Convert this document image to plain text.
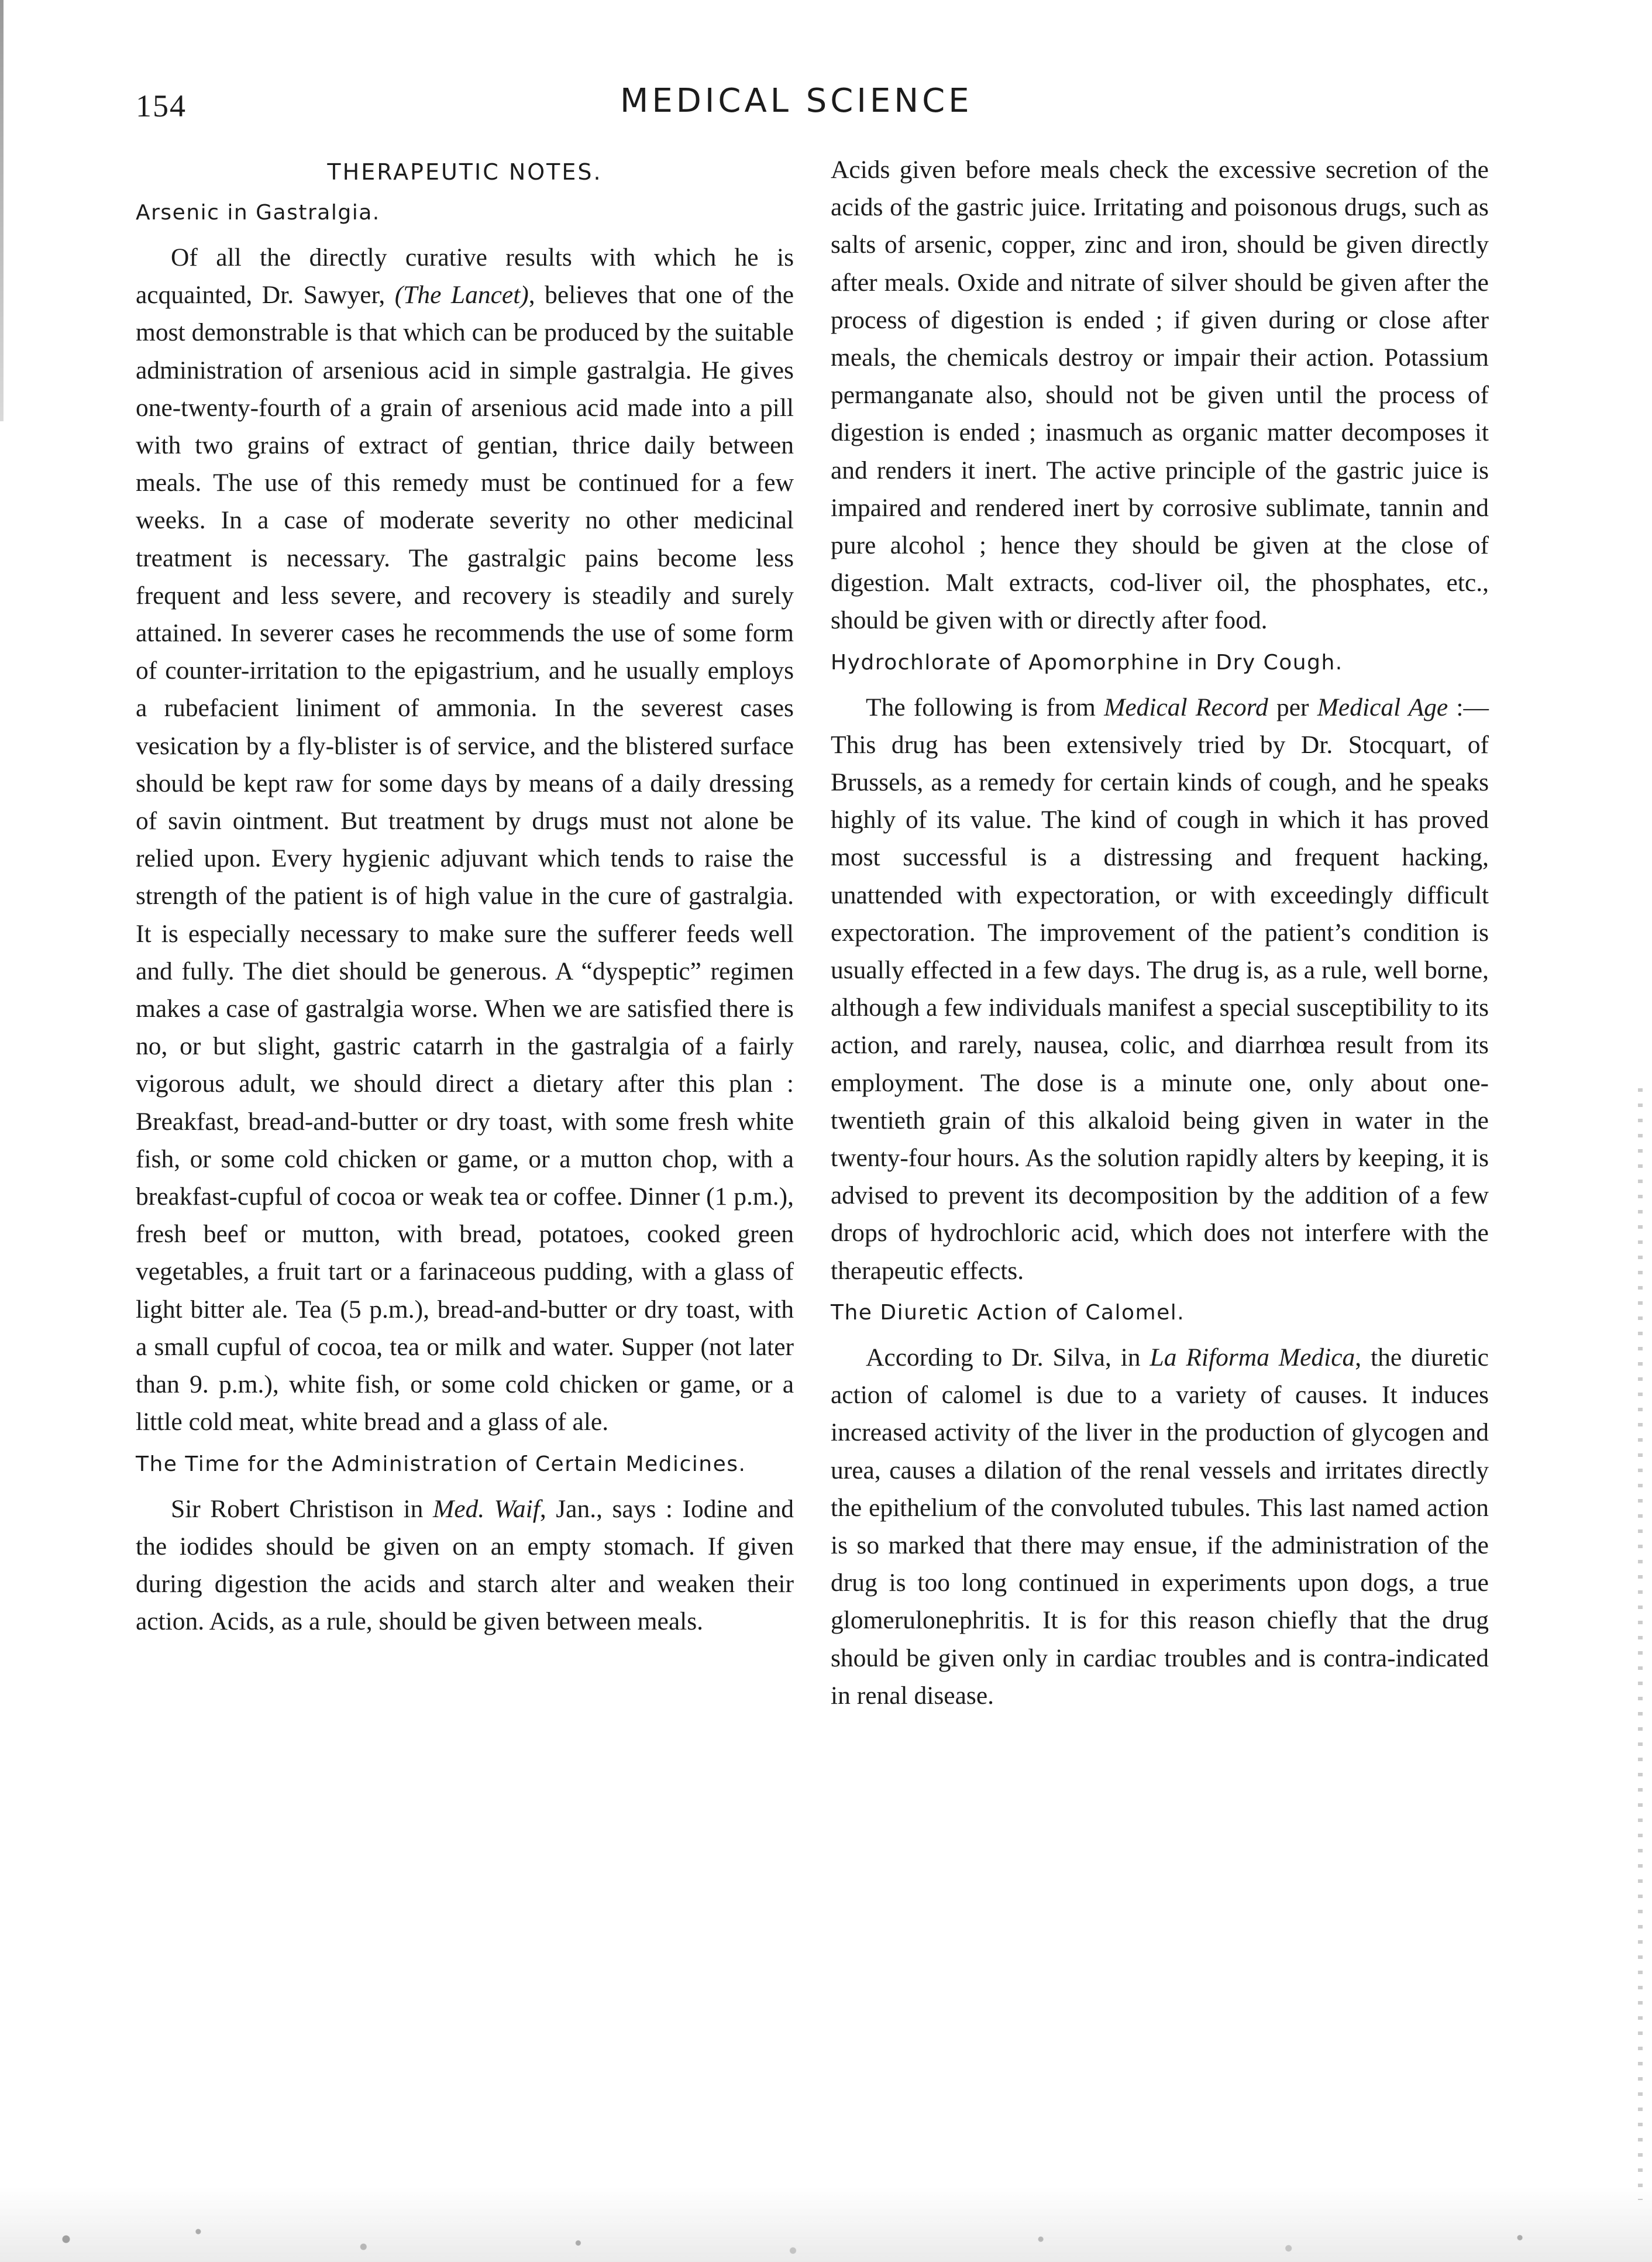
154	MEDICAL SCIENCE
THERAPEUTIC NOTES.
Arsenic in Gastralgia.

Of all the directly curative results with which he is acquainted, Dr. Sawyer, (The Lancet), believes that one of the most demonstrable is that which can be produced by the suitable administration of arsenious acid in simple gastralgia. He gives one-twenty-fourth of a grain of arsenious acid made into a pill with two grains of extract of gentian, thrice daily between meals. The use of this remedy must be continued for a few weeks. In a case of moderate severity no other medicinal treatment is necessary. The gastralgic pains become less frequent and less severe, and recovery is steadily and surely attained. In severer cases he recommends the use of some form of counter-irritation to the epigastrium, and he usually employs a rubefacient liniment of ammonia. In the severest cases vesication by a fly-blister is of service, and the blistered surface should be kept raw for some days by means of a daily dressing of savin ointment. But treatment by drugs must not alone be relied upon. Every hygienic adjuvant which tends to raise the strength of the patient is of high value in the cure of gastralgia. It is especially necessary to make sure the sufferer feeds well and fully. The diet should be generous. A “dyspeptic” regimen makes a case of gastralgia worse. When we are satisfied there is no, or but slight, gastric catarrh in the gastralgia of a fairly vigorous adult, we should direct a dietary after this plan : Breakfast, bread-and-butter or dry toast, with some fresh white fish, or some cold chicken or game, or a mutton chop, with a breakfast-cupful of cocoa or weak tea or coffee. Dinner (1 p.m.), fresh beef or mutton, with bread, potatoes, cooked green vegetables, a fruit tart or a farinaceous pudding, with a glass of light bitter ale. Tea (5 p.m.), bread-and-butter or dry toast, with a small cupful of cocoa, tea or milk and water. Supper (not later than 9. p.m.), white fish, or some cold chicken or game, or a little cold meat, white bread and a glass of ale.

The Time for the Administration of Certain Medicines.

Sir Robert Christison in Med. Waif, Jan., says : Iodine and the iodides should be given on an empty stomach. If given during digestion the acids and starch alter and weaken their action. Acids, as a rule, should be given between meals.

Acids given before meals check the excessive secretion of the acids of the gastric juice. Irritating and poisonous drugs, such as salts of arsenic, copper, zinc and iron, should be given directly after meals. Oxide and nitrate of silver should be given after the process of digestion is ended ; if given during or close after meals, the chemicals destroy or impair their action. Potassium permanganate also, should not be given until the process of digestion is ended ; inasmuch as organic matter decomposes it and renders it inert. The active principle of the gastric juice is impaired and rendered inert by corrosive sublimate, tannin and pure alcohol ; hence they should be given at the close of digestion. Malt extracts, cod-liver oil, the phosphates, etc., should be given with or directly after food.

Hydrochlorate of Apomorphine in Dry Cough.

The following is from Medical Record per Medical Age :—This drug has been extensively tried by Dr. Stocquart, of Brussels, as a remedy for certain kinds of cough, and he speaks highly of its value. The kind of cough in which it has proved most successful is a distressing and frequent hacking, unattended with expectoration, or with exceedingly difficult expectoration. The improvement of the patient’s condition is usually effected in a few days. The drug is, as a rule, well borne, although a few individuals manifest a special susceptibility to its action, and rarely, nausea, colic, and diarrhœa result from its employment. The dose is a minute one, only about one-twentieth grain of this alkaloid being given in water in the twenty-four hours. As the solution rapidly alters by keeping, it is advised to prevent its decomposition by the addition of a few drops of hydrochloric acid, which does not interfere with the therapeutic effects.

The Diuretic Action of Calomel.

According to Dr. Silva, in La Riforma Medica, the diuretic action of calomel is due to a variety of causes. It induces increased activity of the liver in the production of glycogen and urea, causes a dilation of the renal vessels and irritates directly the epithelium of the convoluted tubules. This last named action is so marked that there may ensue, if the administration of the drug is too long continued in experiments upon dogs, a true glomerulonephritis. It is for this reason chiefly that the drug should be given only in cardiac troubles and is contra-indicated in renal disease.
